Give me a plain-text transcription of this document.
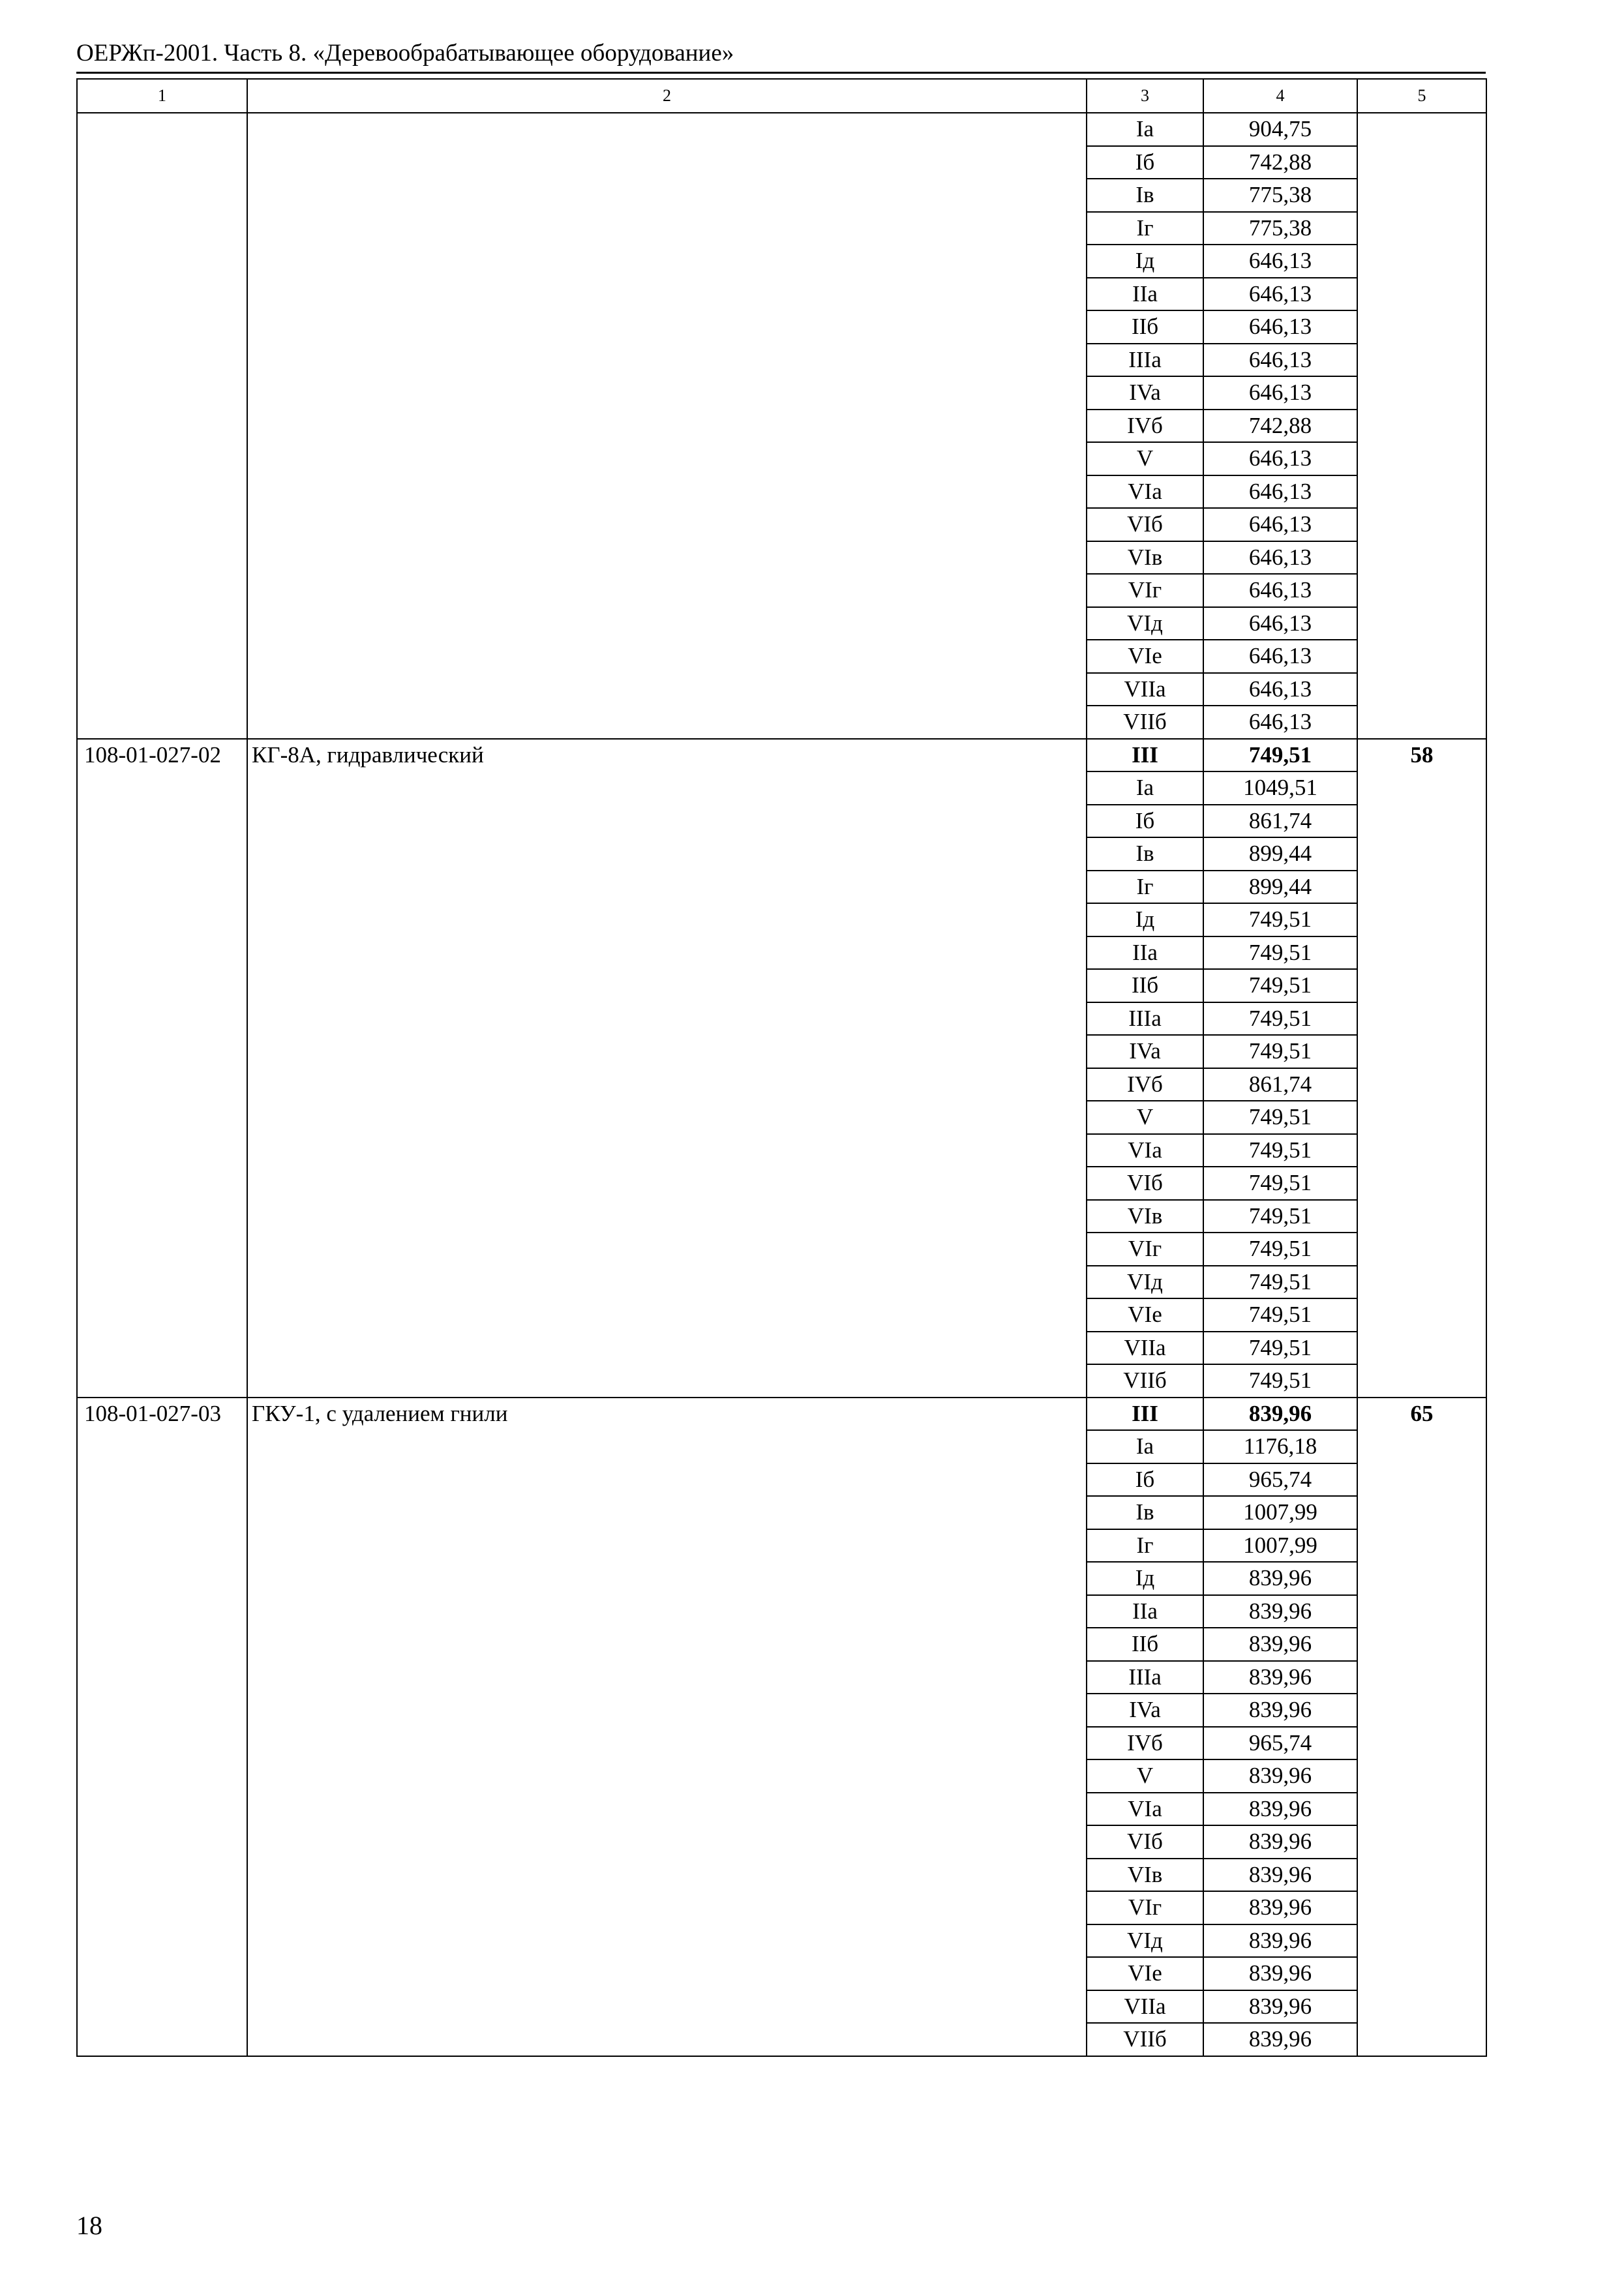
ОЕРЖп-2001. Часть 8. «Деревообрабатывающее оборудование»
1	2	3	4	5
		Ia	904,75	
		Iб	742,88	
		Iв	775,38	
		Iг	775,38	
		Iд	646,13	
		IIa	646,13	
		IIб	646,13	
		IIIa	646,13	
		IVa	646,13	
		IVб	742,88	
		V	646,13	
		VIa	646,13	
		VIб	646,13	
		VIв	646,13	
		VIг	646,13	
		VIд	646,13	
		VIe	646,13	
		VIIa	646,13	
		VIIб	646,13	
108-01-027-02	КГ-8А, гидравлический	III	749,51	58
		Ia	1049,51	
		Iб	861,74	
		Iв	899,44	
		Iг	899,44	
		Iд	749,51	
		IIa	749,51	
		IIб	749,51	
		IIIa	749,51	
		IVa	749,51	
		IVб	861,74	
		V	749,51	
		VIa	749,51	
		VIб	749,51	
		VIв	749,51	
		VIг	749,51	
		VIд	749,51	
		VIe	749,51	
		VIIa	749,51	
		VIIб	749,51	
108-01-027-03	ГКУ-1, с удалением гнили	III	839,96	65
		Ia	1176,18	
		Iб	965,74	
		Iв	1007,99	
		Iг	1007,99	
		Iд	839,96	
		IIa	839,96	
		IIб	839,96	
		IIIa	839,96	
		IVa	839,96	
		IVб	965,74	
		V	839,96	
		VIa	839,96	
		VIб	839,96	
		VIв	839,96	
		VIг	839,96	
		VIд	839,96	
		VIe	839,96	
		VIIa	839,96	
		VIIб	839,96	
18
